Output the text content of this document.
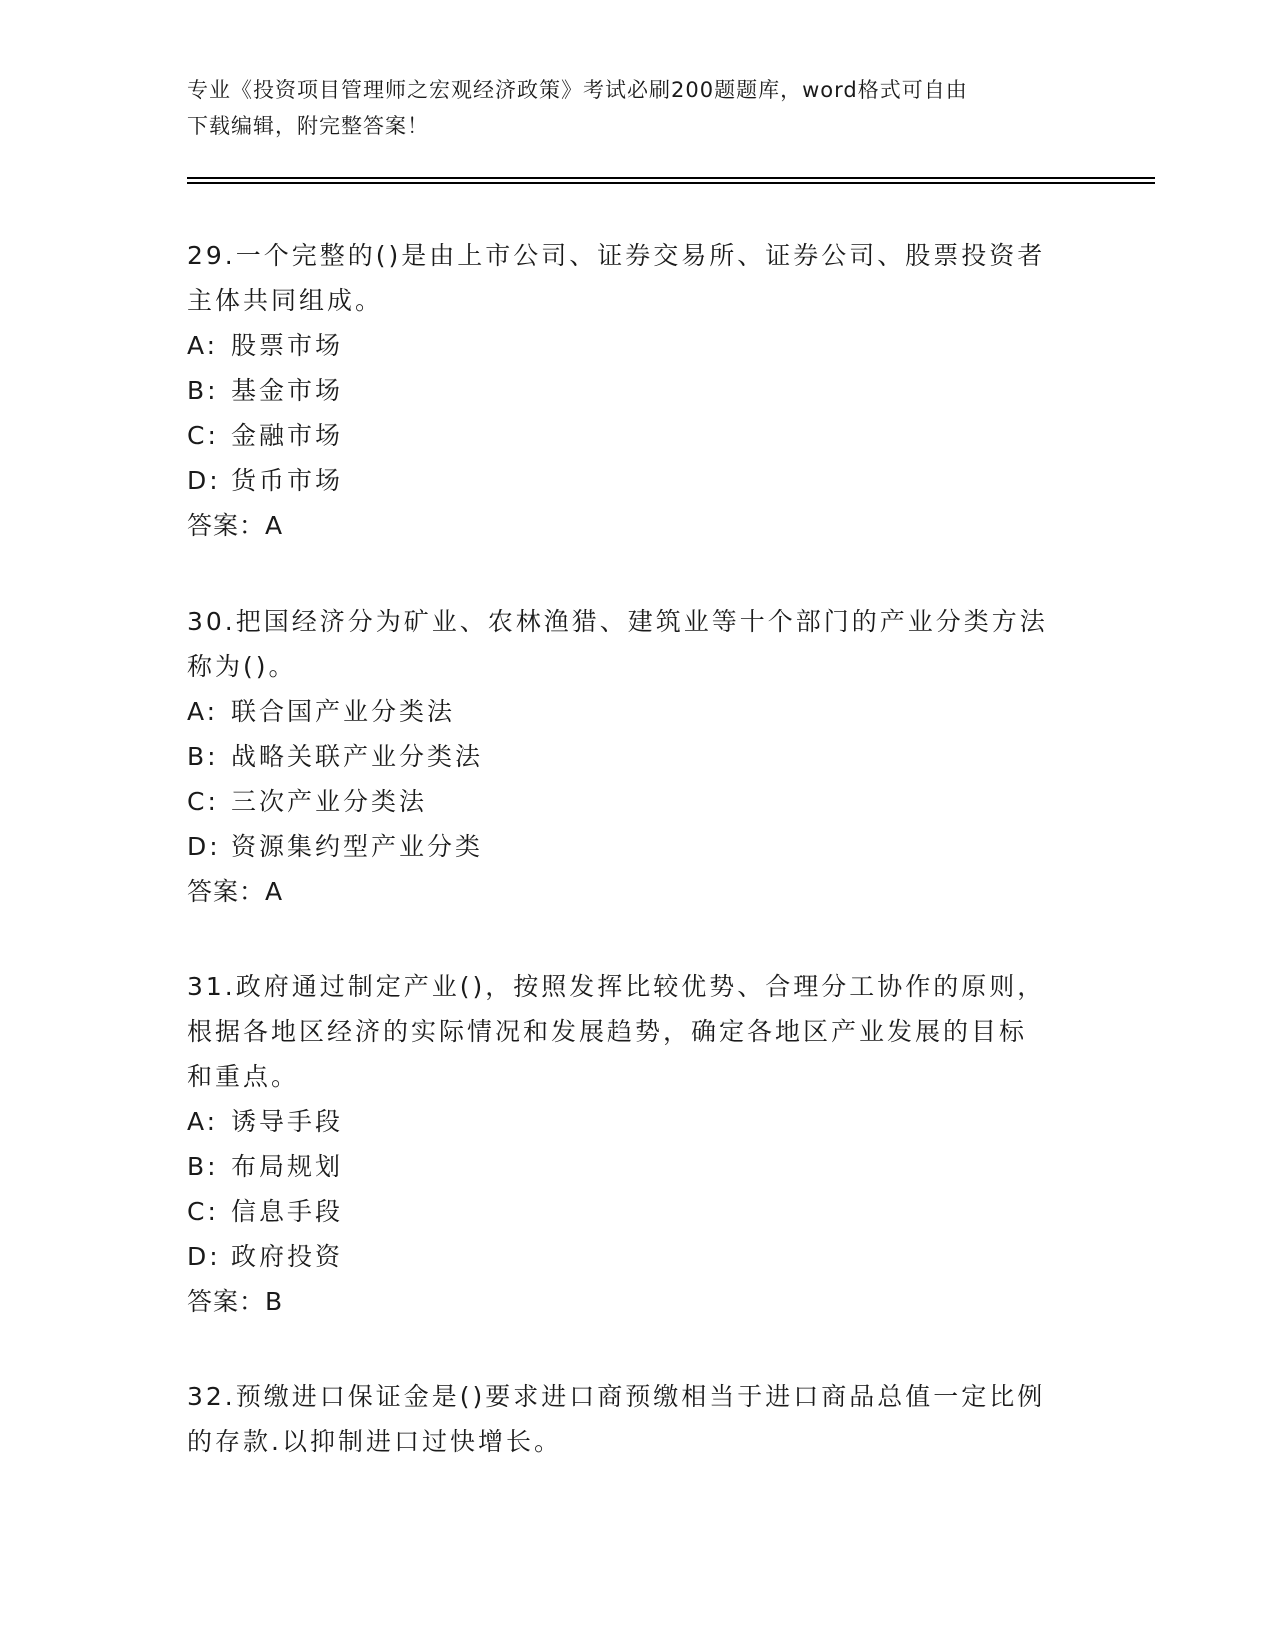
专业《投资项目管理师之宏观经济政策》考试必刷200题题库，word格式可自由
下载编辑，附完整答案！

29.一个完整的()是由上市公司、证券交易所、证券公司、股票投资者
主体共同组成。

A: 股票市场
B: 基金市场
C: 金融市场
D: 货币市场

答案：A

30.把国经济分为矿业、农林渔猎、建筑业等十个部门的产业分类方法
称为()。

A: 联合国产业分类法
B: 战略关联产业分类法
C: 三次产业分类法
D: 资源集约型产业分类

答案：A

31.政府通过制定产业()，按照发挥比较优势、合理分工协作的原则，
根据各地区经济的实际情况和发展趋势，确定各地区产业发展的目标
和重点。

A: 诱导手段
B: 布局规划
C: 信息手段
D: 政府投资

答案：B

32.预缴进口保证金是()要求进口商预缴相当于进口商品总值一定比例
的存款.以抑制进口过快增长。
